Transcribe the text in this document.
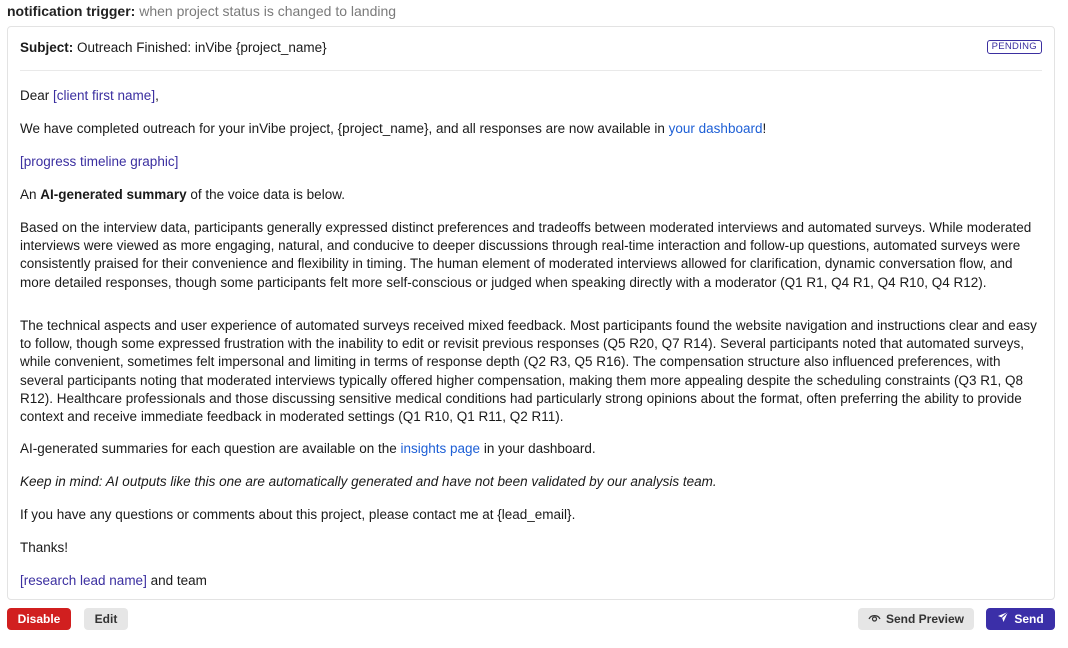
notification trigger: when project status is changed to landing
Subject: Outreach Finished: inVibe {project_name}	PENDING
Dear [client first name],
We have completed outreach for your inVibe project, {project_name}, and all responses are now available in your dashboard!
[progress timeline graphic]
An AI-generated summary of the voice data is below.
Based on the interview data, participants generally expressed distinct preferences and tradeoffs between moderated interviews and automated surveys. While moderated interviews were viewed as more engaging, natural, and conducive to deeper discussions through real-time interaction and follow-up questions, automated surveys were consistently praised for their convenience and flexibility in timing. The human element of moderated interviews allowed for clarification, dynamic conversation flow, and more detailed responses, though some participants felt more self-conscious or judged when speaking directly with a moderator (Q1 R1, Q4 R1, Q4 R10, Q4 R12).
The technical aspects and user experience of automated surveys received mixed feedback. Most participants found the website navigation and instructions clear and easy to follow, though some expressed frustration with the inability to edit or revisit previous responses (Q5 R20, Q7 R14). Several participants noted that automated surveys, while convenient, sometimes felt impersonal and limiting in terms of response depth (Q2 R3, Q5 R16). The compensation structure also influenced preferences, with several participants noting that moderated interviews typically offered higher compensation, making them more appealing despite the scheduling constraints (Q3 R1, Q8 R12). Healthcare professionals and those discussing sensitive medical conditions had particularly strong opinions about the format, often preferring the ability to provide context and receive immediate feedback in moderated settings (Q1 R10, Q1 R11, Q2 R11).
AI-generated summaries for each question are available on the insights page in your dashboard.
Keep in mind: AI outputs like this one are automatically generated and have not been validated by our analysis team.
If you have any questions or comments about this project, please contact me at {lead_email}.
Thanks!
[research lead name] and team
Disable	Edit	Send Preview	Send
